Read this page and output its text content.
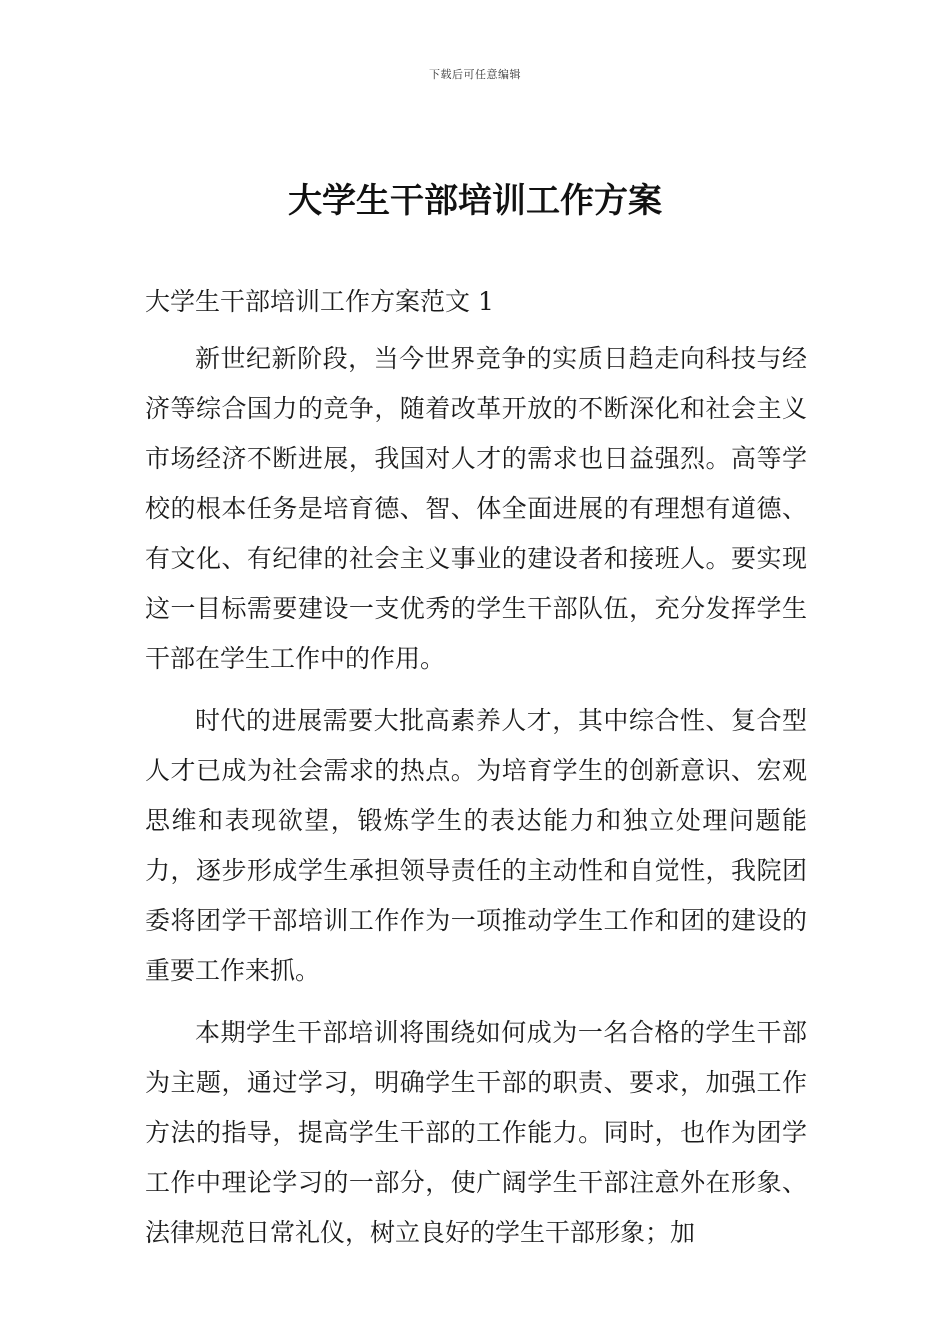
下载后可任意编辑
大学生干部培训工作方案

大学生干部培训工作方案范文 1

新世纪新阶段，当今世界竞争的实质日趋走向科技与经济等综合国力的竞争，随着改革开放的不断深化和社会主义市场经济不断进展，我国对人才的需求也日益强烈。高等学校的根本任务是培育德、智、体全面进展的有理想有道德、有文化、有纪律的社会主义事业的建设者和接班人。要实现这一目标需要建设一支优秀的学生干部队伍，充分发挥学生干部在学生工作中的作用。

时代的进展需要大批高素养人才，其中综合性、复合型人才已成为社会需求的热点。为培育学生的创新意识、宏观思维和表现欲望，锻炼学生的表达能力和独立处理问题能力，逐步形成学生承担领导责任的主动性和自觉性，我院团委将团学干部培训工作作为一项推动学生工作和团的建设的重要工作来抓。

本期学生干部培训将围绕如何成为一名合格的学生干部为主题，通过学习，明确学生干部的职责、要求，加强工作方法的指导，提高学生干部的工作能力。同时，也作为团学工作中理论学习的一部分，使广阔学生干部注意外在形象、法律规范日常礼仪，树立良好的学生干部形象；加
